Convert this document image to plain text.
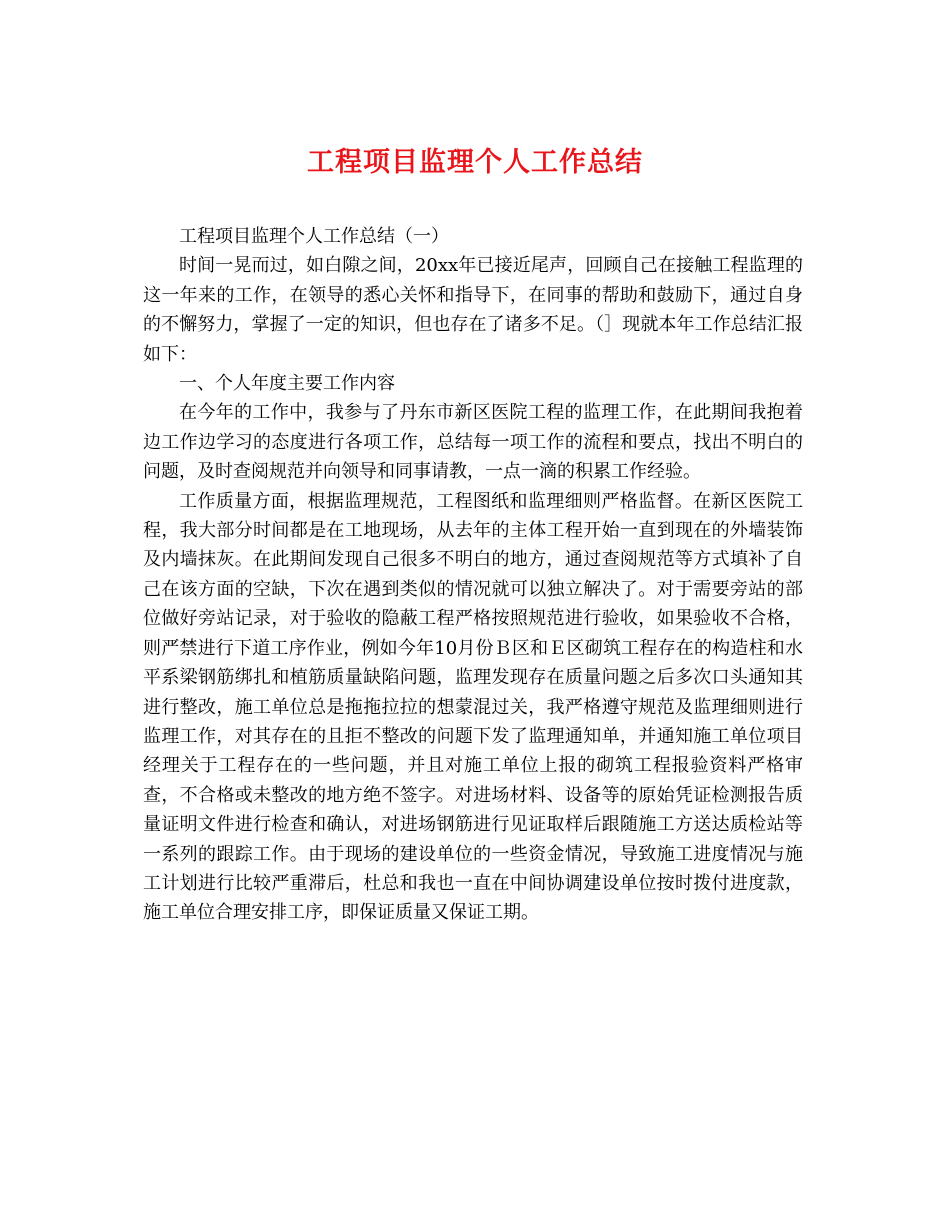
工程项目监理个人工作总结

工程项目监理个人工作总结（一）

时间一晃而过，如白隙之间，20xx年已接近尾声，回顾自己在接触工程监理的这一年来的工作，在领导的悉心关怀和指导下，在同事的帮助和鼓励下，通过自身的不懈努力，掌握了一定的知识，但也存在了诸多不足。（］现就本年工作总结汇报如下：

一、个人年度主要工作内容

在今年的工作中，我参与了丹东市新区医院工程的监理工作，在此期间我抱着边工作边学习的态度进行各项工作，总结每一项工作的流程和要点，找出不明白的问题，及时查阅规范并向领导和同事请教，一点一滴的积累工作经验。

工作质量方面，根据监理规范，工程图纸和监理细则严格监督。在新区医院工程，我大部分时间都是在工地现场，从去年的主体工程开始一直到现在的外墙装饰及内墙抹灰。在此期间发现自己很多不明白的地方，通过查阅规范等方式填补了自己在该方面的空缺，下次在遇到类似的情况就可以独立解决了。对于需要旁站的部位做好旁站记录，对于验收的隐蔽工程严格按照规范进行验收，如果验收不合格，则严禁进行下道工序作业，例如今年10月份Ｂ区和Ｅ区砌筑工程存在的构造柱和水平系梁钢筋绑扎和植筋质量缺陷问题，监理发现存在质量问题之后多次口头通知其进行整改，施工单位总是拖拖拉拉的想蒙混过关，我严格遵守规范及监理细则进行监理工作，对其存在的且拒不整改的问题下发了监理通知单，并通知施工单位项目经理关于工程存在的一些问题，并且对施工单位上报的砌筑工程报验资料严格审查，不合格或未整改的地方绝不签字。对进场材料、设备等的原始凭证检测报告质量证明文件进行检查和确认，对进场钢筋进行见证取样后跟随施工方送达质检站等一系列的跟踪工作。由于现场的建设单位的一些资金情况，导致施工进度情况与施工计划进行比较严重滞后，杜总和我也一直在中间协调建设单位按时拨付进度款，施工单位合理安排工序，即保证质量又保证工期。
